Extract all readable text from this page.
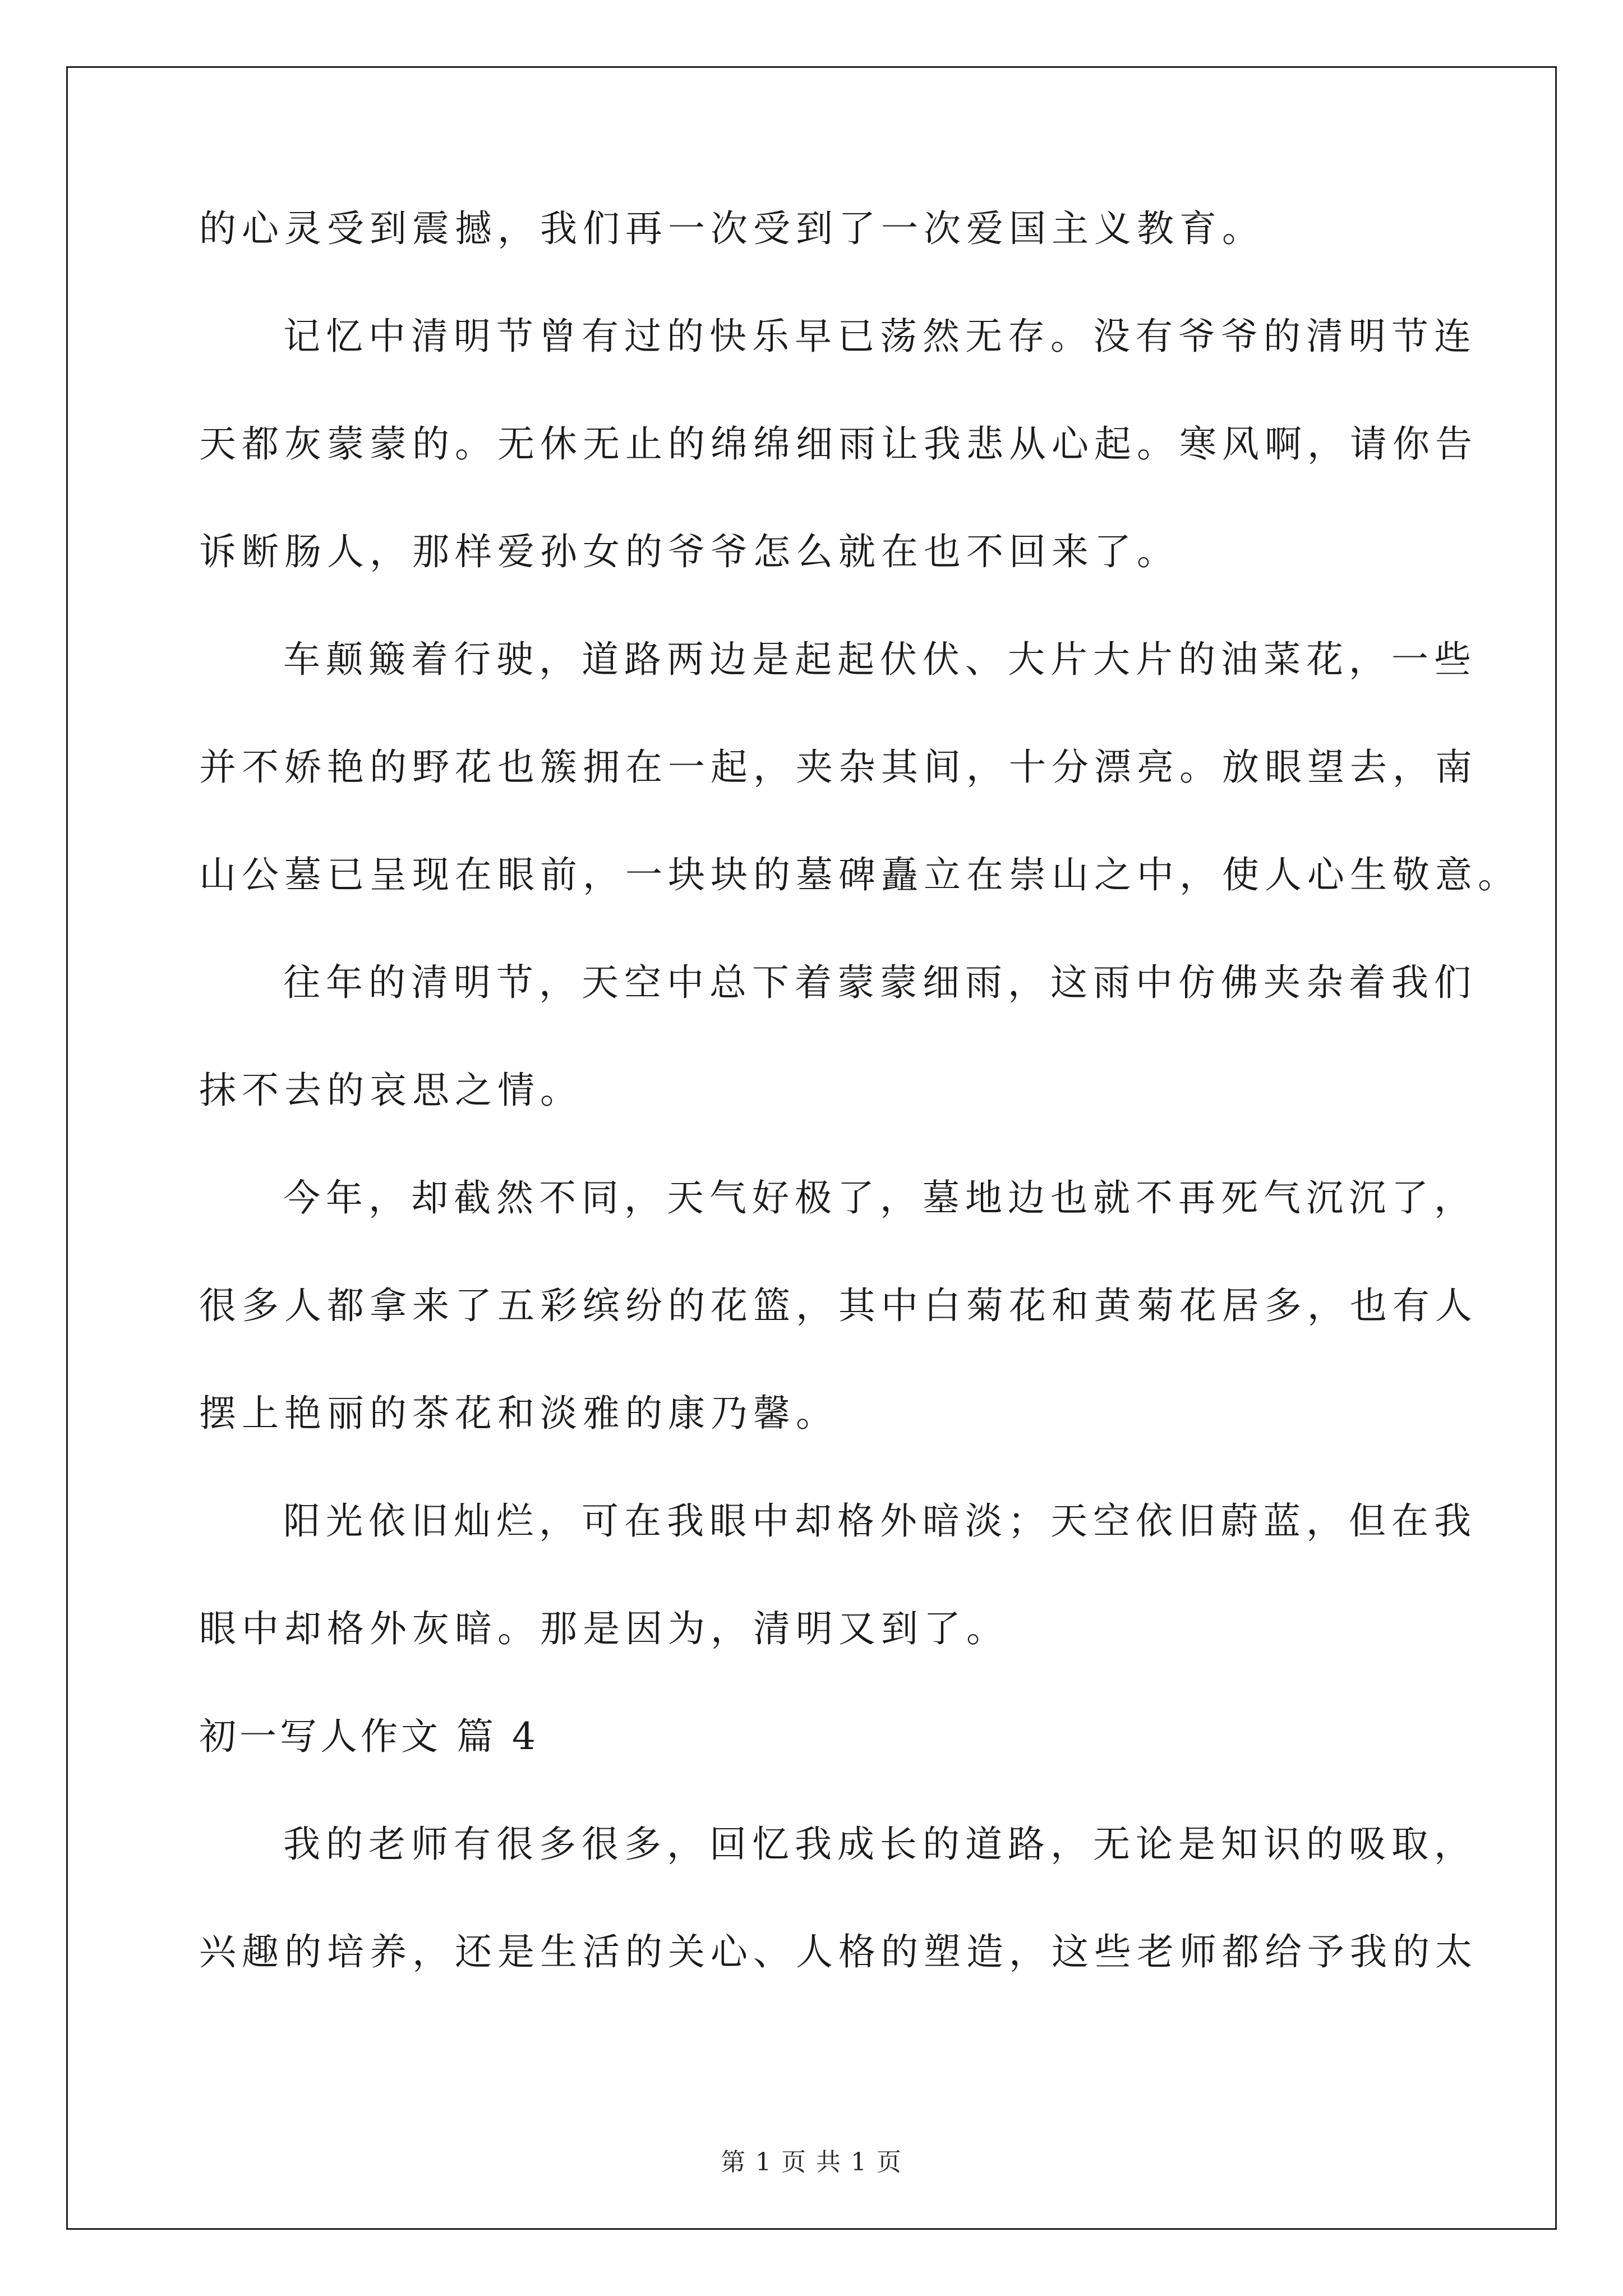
的心灵受到震撼，我们再一次受到了一次爱国主义教育。
记忆中清明节曾有过的快乐早已荡然无存。没有爷爷的清明节连
天都灰蒙蒙的。无休无止的绵绵细雨让我悲从心起。寒风啊，请你告
诉断肠人，那样爱孙女的爷爷怎么就在也不回来了。
车颠簸着行驶，道路两边是起起伏伏、大片大片的油菜花，一些
并不娇艳的野花也簇拥在一起，夹杂其间，十分漂亮。放眼望去，南
山公墓已呈现在眼前，一块块的墓碑矗立在崇山之中，使人心生敬意。
往年的清明节，天空中总下着蒙蒙细雨，这雨中仿佛夹杂着我们
抹不去的哀思之情。
今年，却截然不同，天气好极了，墓地边也就不再死气沉沉了，
很多人都拿来了五彩缤纷的花篮，其中白菊花和黄菊花居多，也有人
摆上艳丽的茶花和淡雅的康乃馨。
阳光依旧灿烂，可在我眼中却格外暗淡；天空依旧蔚蓝，但在我
眼中却格外灰暗。那是因为，清明又到了。
初一写人作文 篇 4
我的老师有很多很多，回忆我成长的道路，无论是知识的吸取，
兴趣的培养，还是生活的关心、人格的塑造，这些老师都给予我的太
第 1 页 共 1 页
